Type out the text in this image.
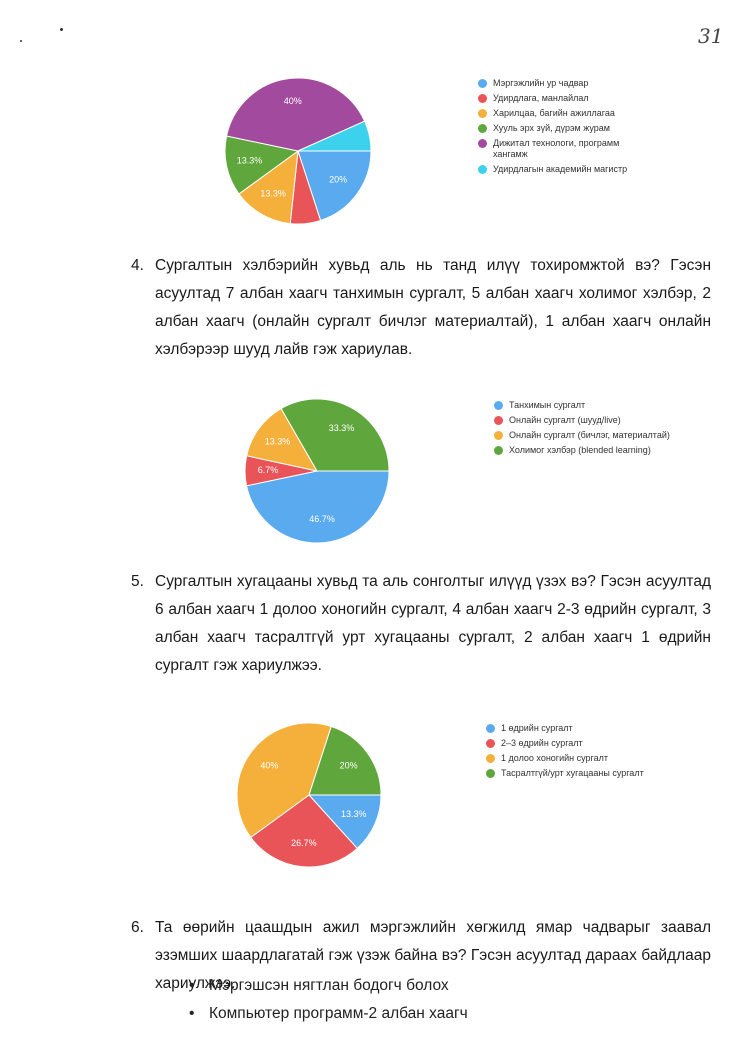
31
20%
13.3%
13.3%
40%
Мэргэжлийн ур чадвар
Удирдлага, манлайлал
Харилцаа, багийн ажиллагаа
Хууль эрх зүй, дүрэм журам
Дижитал технологи, программ хангамж
Удирдлагын академийн магистр
4. Сургалтын хэлбэрийн хувьд аль нь танд илүү тохиромжтой вэ? Гэсэн асуултад 7 албан хаагч танхимын сургалт, 5 албан хаагч холимог хэлбэр, 2 албан хаагч (онлайн сургалт бичлэг материалтай), 1 албан хаагч онлайн хэлбэрээр шууд лайв гэж хариулав.
46.7%
6.7%
13.3%
33.3%
Танхимын сургалт
Онлайн сургалт (шууд/live)
Онлайн сургалт (бичлэг, материалтай)
Холимог хэлбэр (blended learning)
5. Сургалтын хугацааны хувьд та аль сонголтыг илүүд үзэх вэ? Гэсэн асуултад 6 албан хаагч 1 долоо хоногийн сургалт, 4 албан хаагч 2-3 өдрийн сургалт, 3 албан хаагч тасралтгүй урт хугацааны сургалт, 2 албан хаагч 1 өдрийн сургалт гэж хариулжээ.
13.3%
26.7%
40%	20%
1 өдрийн сургалт
2–3 өдрийн сургалт
1 долоо хоногийн сургалт
Тасралтгүй/урт хугацааны сургалт
6. Та өөрийн цаашдын ажил мэргэжлийн хөгжилд ямар чадварыг заавал эзэмших шаардлагатай гэж үзэж байна вэ? Гэсэн асуултад дараах байдлаар хариулжээ.
• Мэргэшсэн нягтлан бодогч болох
• Компьютер программ-2 албан хаагч
